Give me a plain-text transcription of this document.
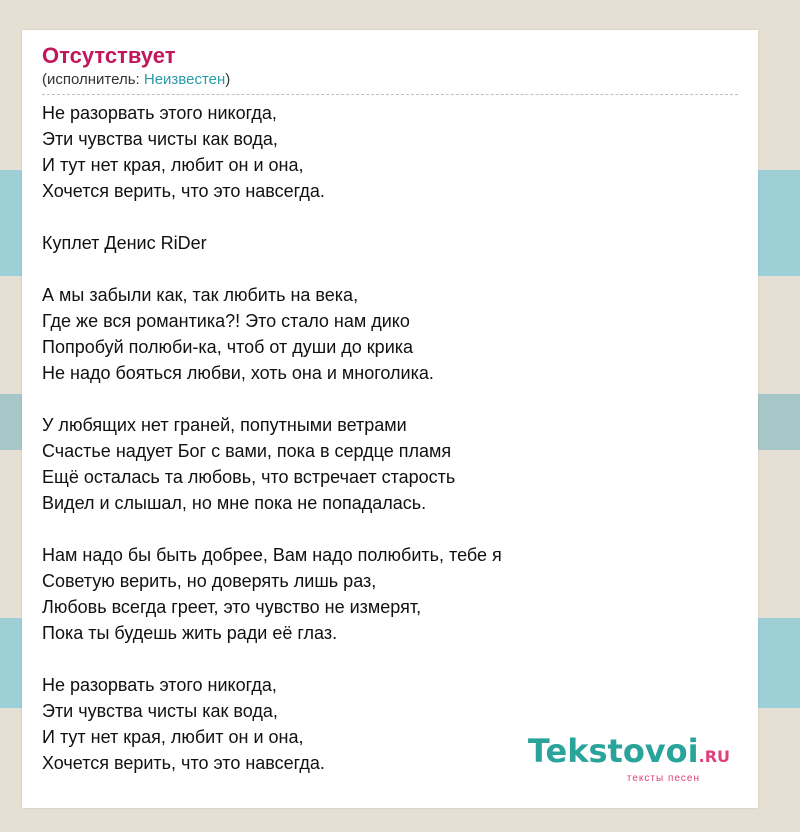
Отсутствует

(исполнитель: Неизвестен)

Не разорвать этого никогда,
Эти чувства чисты как вода,
И тут нет края, любит он и она,
Хочется верить, что это навсегда.
Куплет Денис RiDer
А мы забыли как, так любить на века,
Где же вся романтика?! Это стало нам дико
Попробуй полюби-ка, чтоб от души до крика
Не надо бояться любви, хоть она и многолика.
У любящих нет граней, попутными ветрами
Счастье надует Бог с вами, пока в сердце пламя
Ещё осталась та любовь, что встречает старость
Видел и слышал, но мне пока не попадалась.
Нам надо бы быть добрее, Вам надо полюбить, тебе я
Советую верить, но доверять лишь раз,
Любовь всегда греет, это чувство не измерят,
Пока ты будешь жить ради её глаз.
Не разорвать этого никогда,
Эти чувства чисты как вода,
И тут нет края, любит он и она,
Хочется верить, что это навсегда.	Tekstovoi.RU
тексты песен
